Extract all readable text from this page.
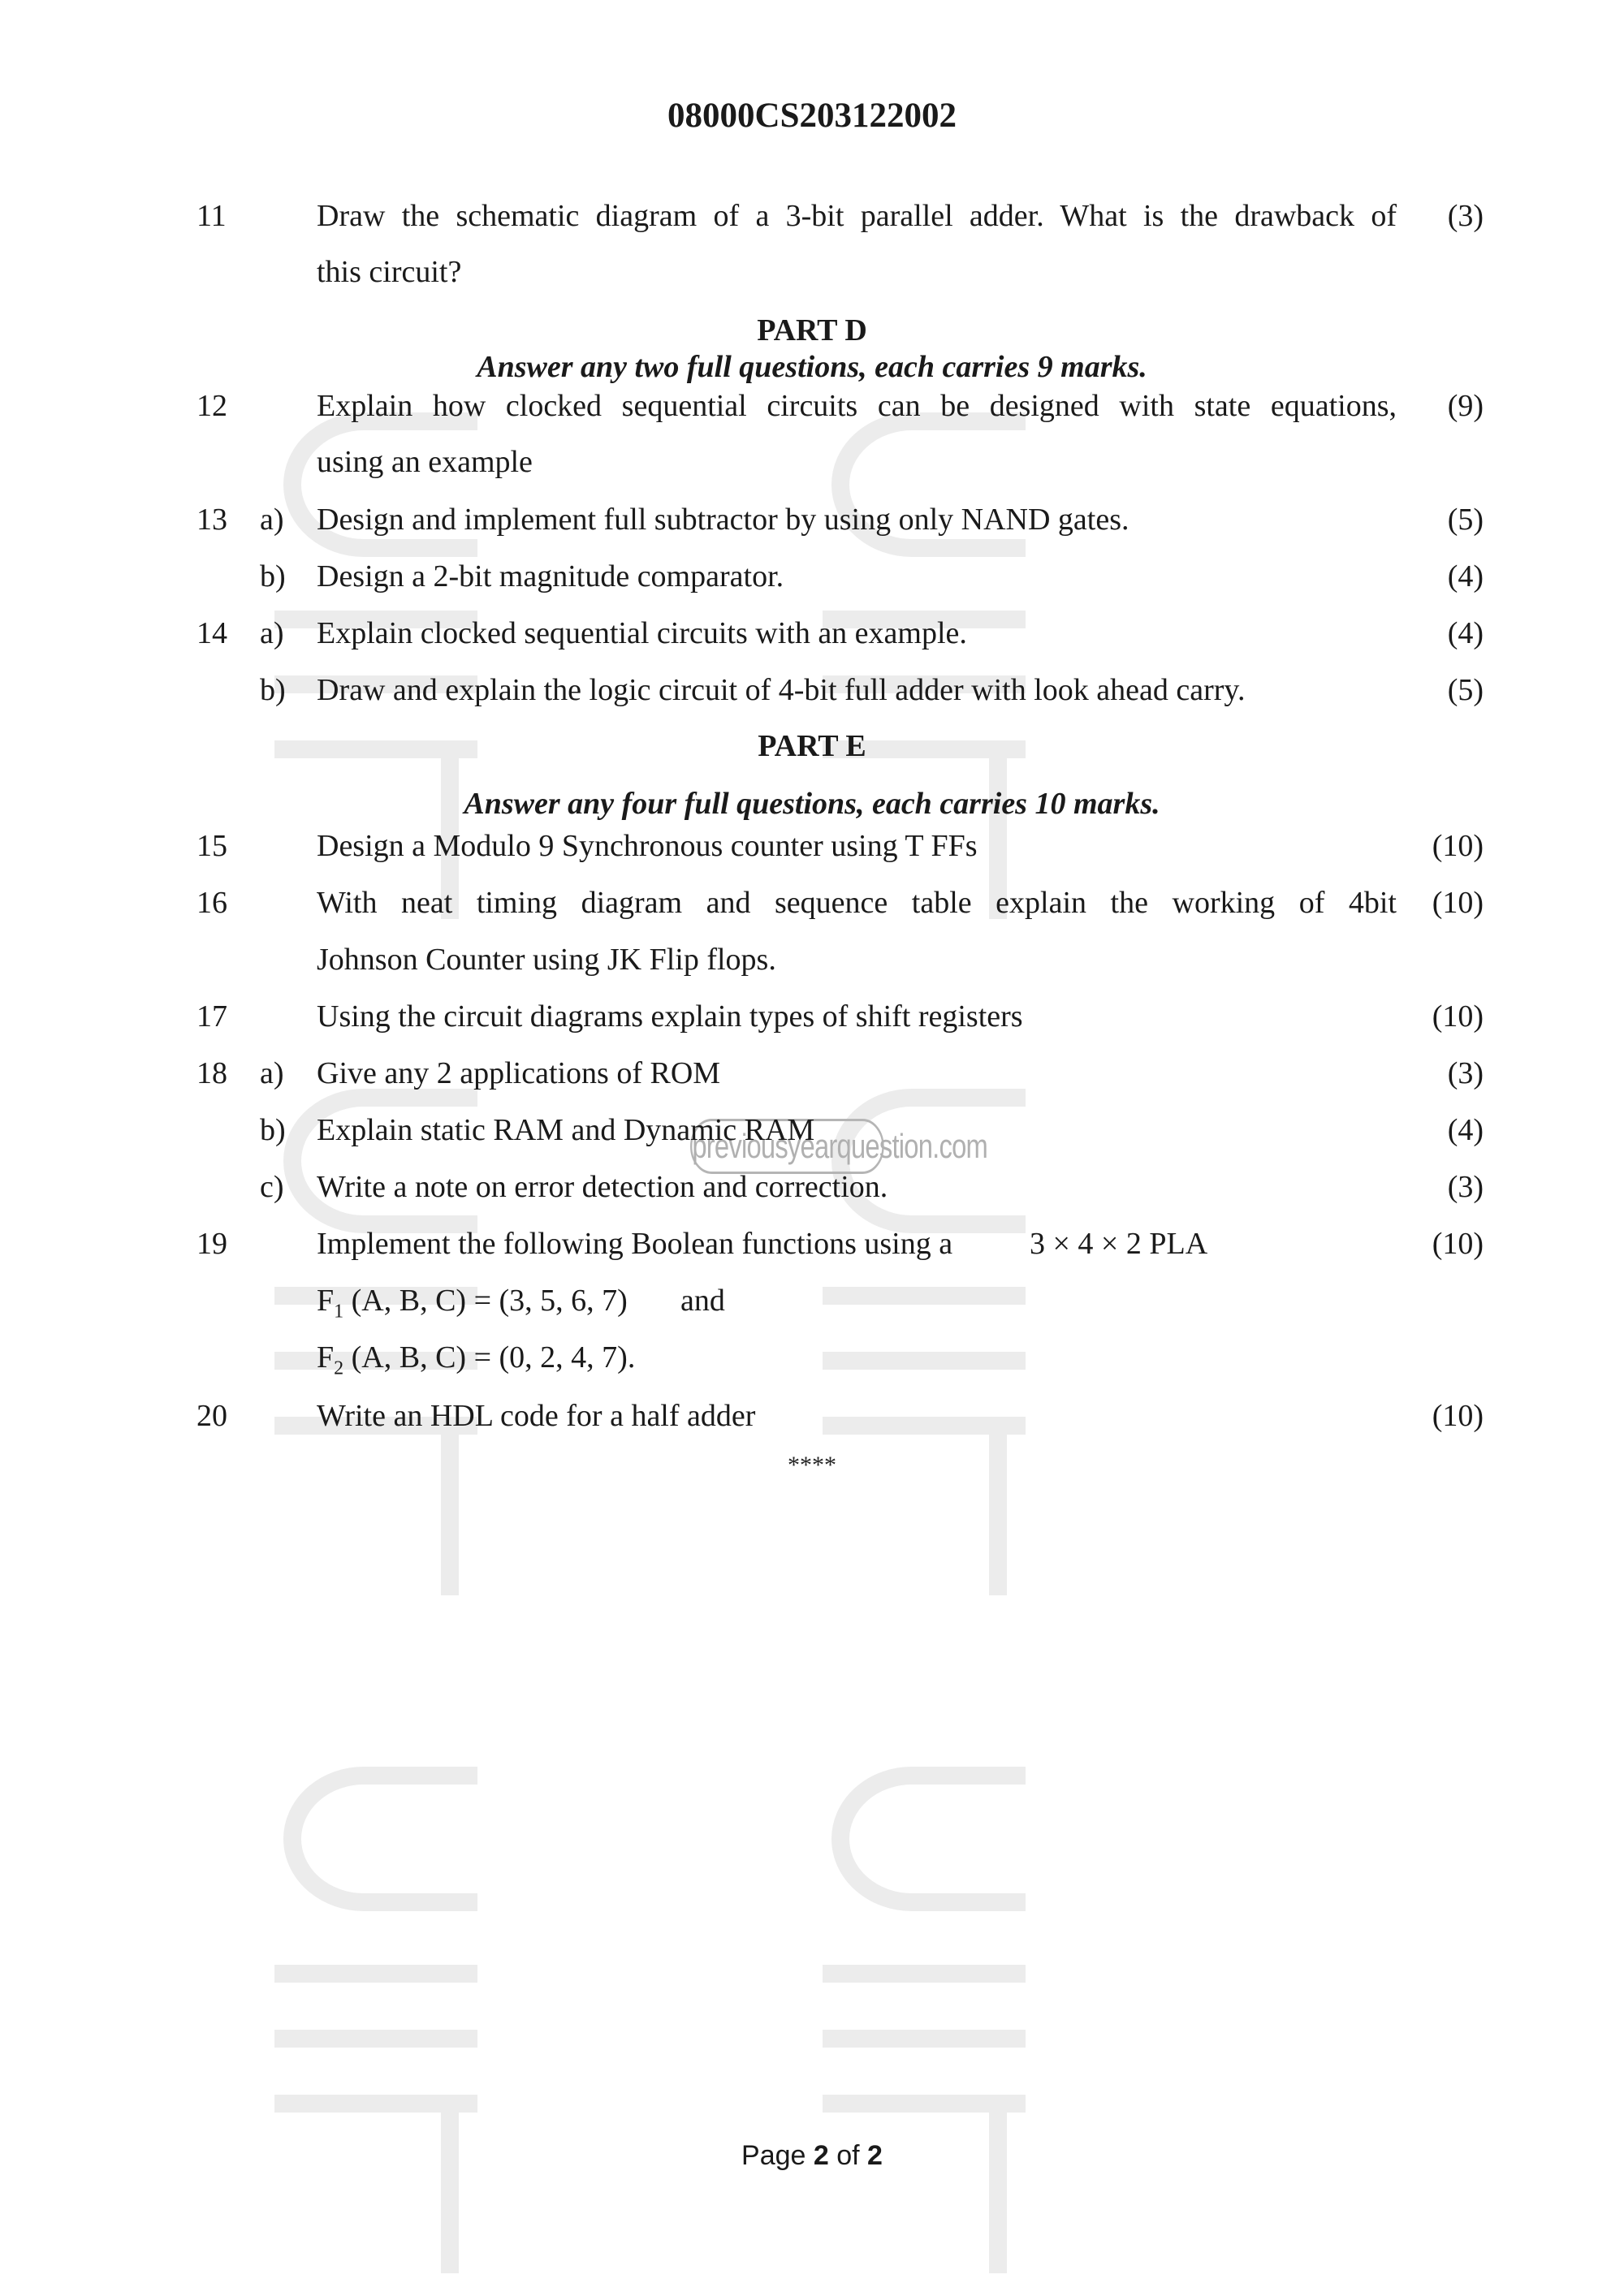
previousyearquestion.com
08000CS203122002
11	Draw the schematic diagram of a 3-bit parallel adder. What is the drawback of (3)
this circuit?
PART D
Answer any two full questions, each carries 9 marks.
12	Explain how clocked sequential circuits can be designed with state equations, (9)
using an example
13 a) Design and implement full subtractor by using only NAND gates.	(5)
b) Design a 2-bit magnitude comparator.	(4)
14 a) Explain clocked sequential circuits with an example.	(4)
b) Draw and explain the logic circuit of 4-bit full adder with look ahead carry.	(5)
PART E
Answer any four full questions, each carries 10 marks.
15	Design a Modulo 9 Synchronous counter using T FFs	(10)
16	With neat timing diagram and sequence table explain the working of 4bit (10)
Johnson Counter using JK Flip flops.
17	Using the circuit diagrams explain types of shift registers	(10)
18 a) Give any 2 applications of ROM	(3)
b) Explain static RAM and Dynamic RAM	(4)
c) Write a note on error detection and correction.	(3)
19	Implement the following Boolean functions using a	3 × 4 × 2 PLA	(10)
$F_1$ (A, B, C) = (3, 5, 6, 7)	and
$F_2$ (A, B, C) = (0, 2, 4, 7).
20	Write an HDL code for a half adder	(10)
****
Page 2 of 2
